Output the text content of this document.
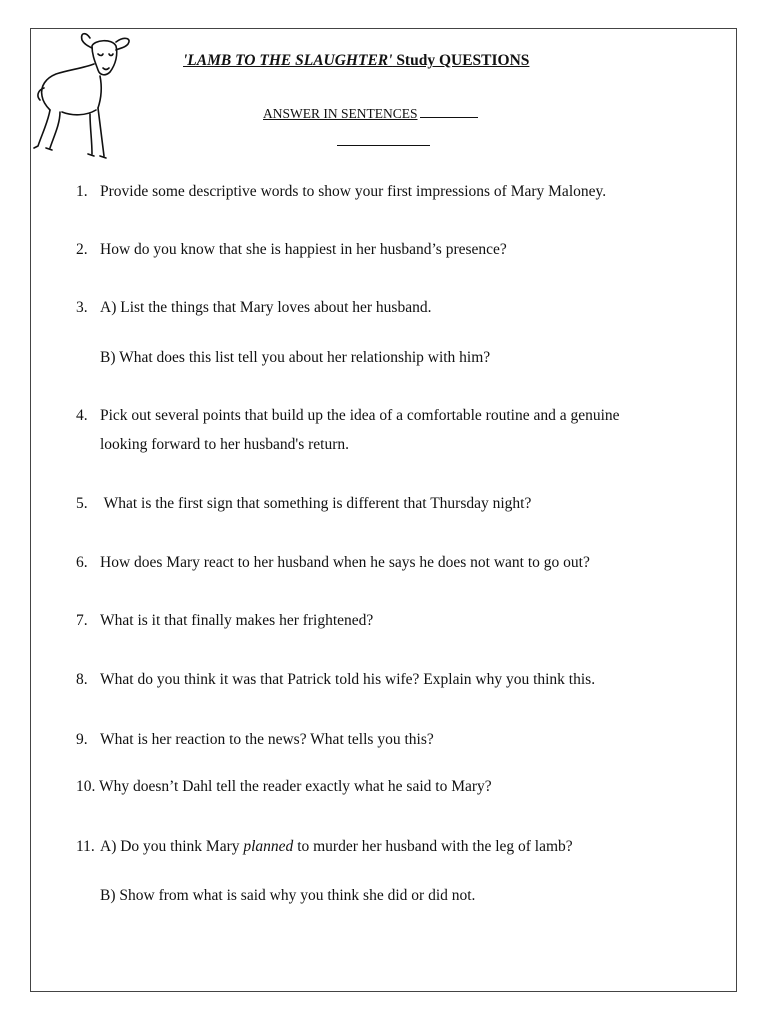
'LAMB TO THE SLAUGHTER' Study QUESTIONS
ANSWER IN SENTENCES
1. Provide some descriptive words to show your first impressions of Mary Maloney.
2. How do you know that she is happiest in her husband’s presence?
3. A) List the things that Mary loves about her husband.
B) What does this list tell you about her relationship with him?
4. Pick out several points that build up the idea of a comfortable routine and a genuine
looking forward to her husband's return.
5. What is the first sign that something is different that Thursday night?
6. How does Mary react to her husband when he says he does not want to go out?
7. What is it that finally makes her frightened?
8. What do you think it was that Patrick told his wife? Explain why you think this.
9. What is her reaction to the news? What tells you this?
10. Why doesn’t Dahl tell the reader exactly what he said to Mary?
11. A) Do you think Mary planned to murder her husband with the leg of lamb?
B) Show from what is said why you think she did or did not.
